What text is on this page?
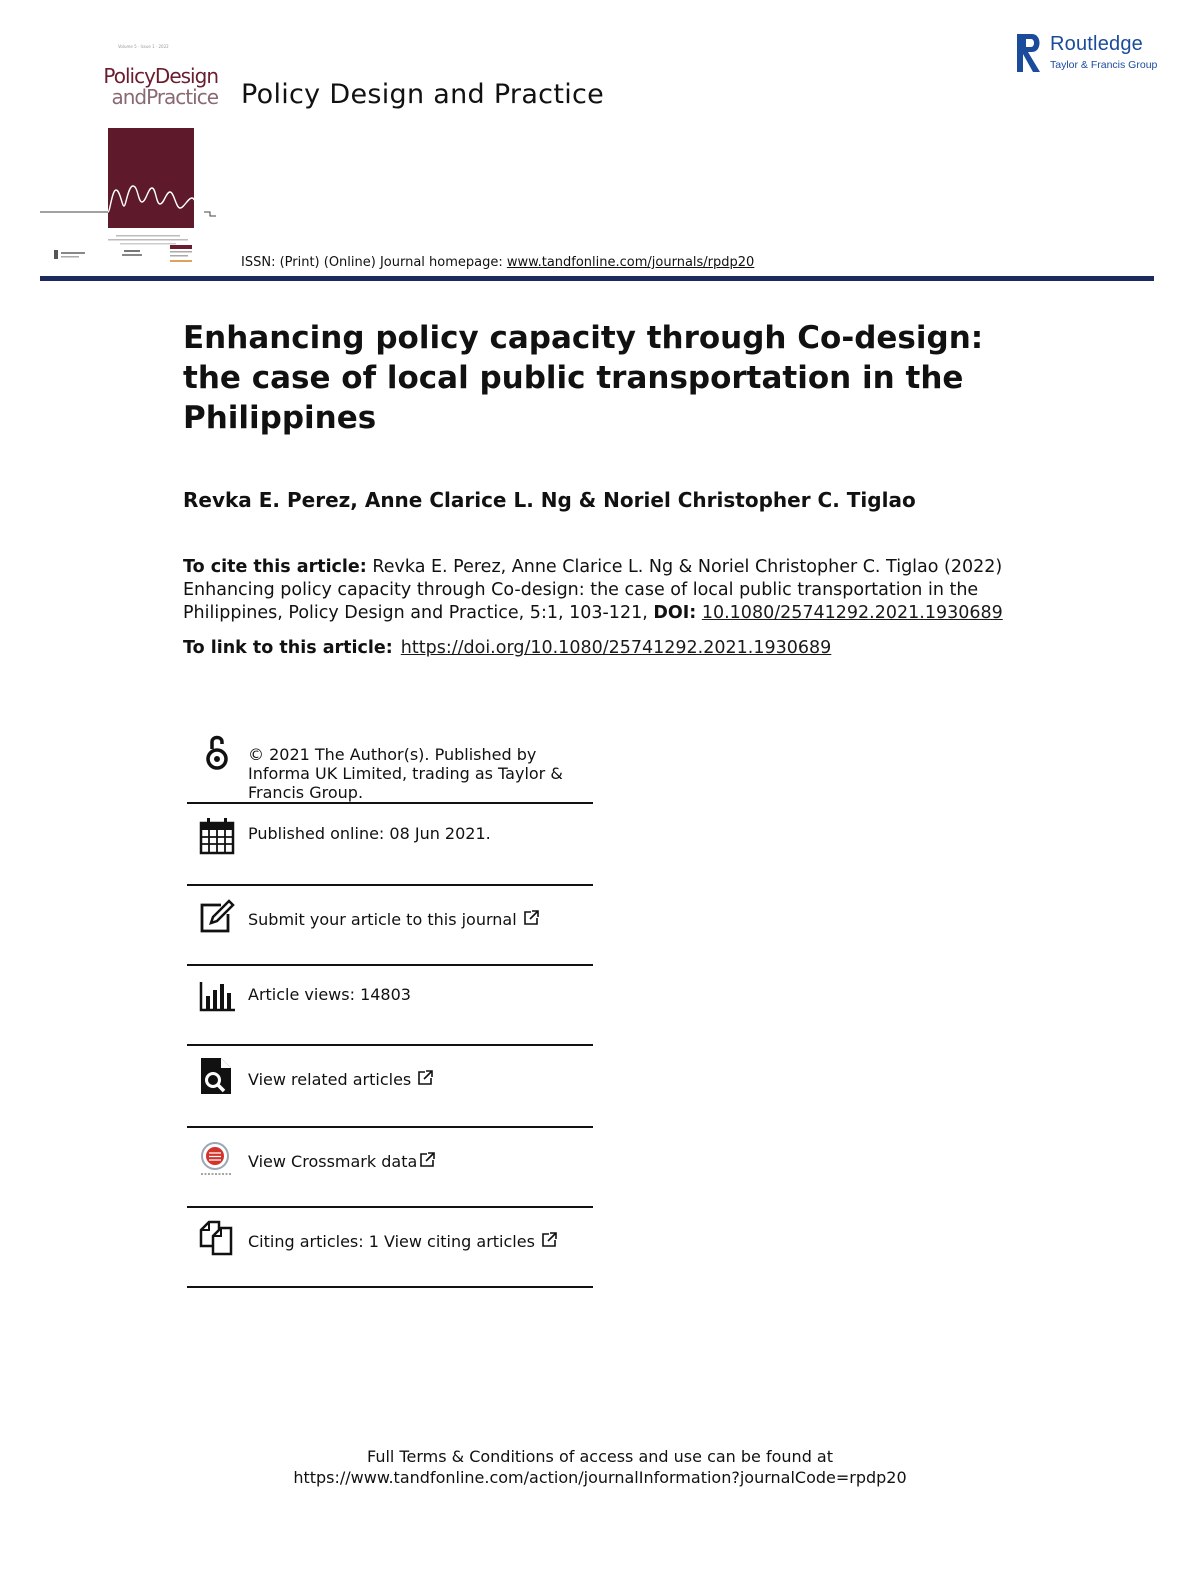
Volume 5 · Issue 1 · 2022
PolicyDesign
andPractice Policy Design and Practice
ISSN: (Print) (Online) Journal homepage: www.tandfonline.com/journals/rpdp20
Routledge
Taylor & Francis Group
Enhancing policy capacity through Co-design: the case of local public transportation in the Philippines
Revka E. Perez, Anne Clarice L. Ng & Noriel Christopher C. Tiglao
To cite this article: Revka E. Perez, Anne Clarice L. Ng & Noriel Christopher C. Tiglao (2022) Enhancing policy capacity through Co-design: the case of local public transportation in the Philippines, Policy Design and Practice, 5:1, 103-121, DOI: 10.1080/25741292.2021.1930689
To link to this article: https://doi.org/10.1080/25741292.2021.1930689
© 2021 The Author(s). Published by Informa UK Limited, trading as Taylor & Francis Group.
Published online: 08 Jun 2021.
Submit your article to this journal
Article views: 14803
View related articles
View Crossmark data
Citing articles: 1 View citing articles
Full Terms & Conditions of access and use can be found at
https://www.tandfonline.com/action/journalInformation?journalCode=rpdp20
